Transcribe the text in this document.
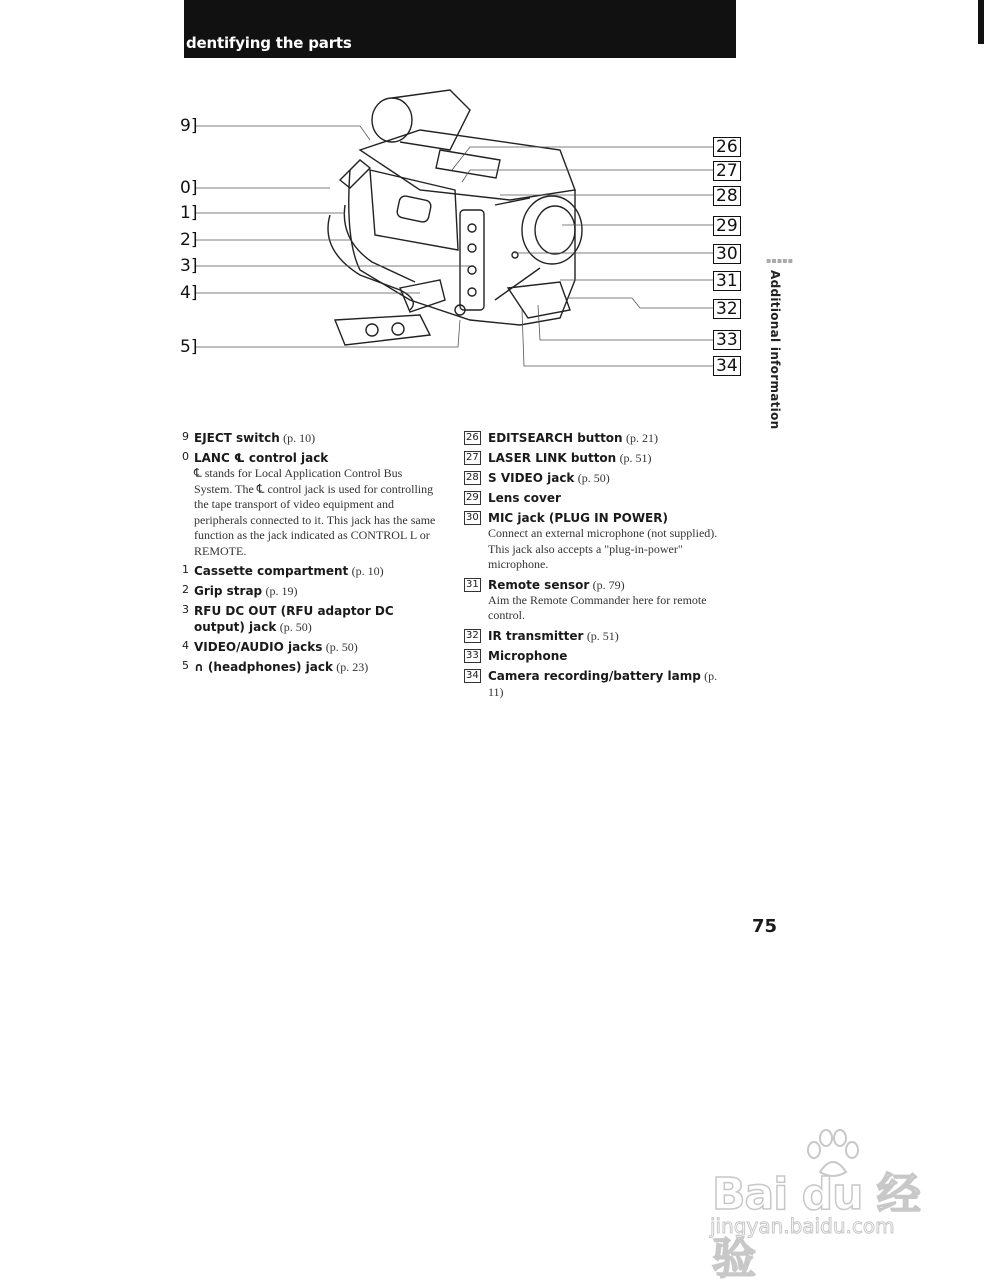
dentifying the parts
▪▪▪▪▪
Additional information
9]
0]
1]
2]
3]
4]
5]
26
27
28
29
30
31
32
33
34
9 EJECT switch (p. 10)
0 LANC ℄ control jack
℄ stands for Local Application Control Bus System. The ℄ control jack is used for controlling the tape transport of video equipment and peripherals connected to it. This jack has the same function as the jack indicated as CONTROL L or REMOTE.
1 Cassette compartment (p. 10)
2 Grip strap (p. 19)
3 RFU DC OUT (RFU adaptor DC output) jack (p. 50)
4 VIDEO/AUDIO jacks (p. 50)
5 ∩ (headphones) jack (p. 23)
26 EDITSEARCH button (p. 21)
27 LASER LINK button (p. 51)
28 S VIDEO jack (p. 50)
29 Lens cover
30 MIC jack (PLUG IN POWER)
Connect an external microphone (not supplied). This jack also accepts a "plug-in-power" microphone.
31 Remote sensor (p. 79)
Aim the Remote Commander here for remote control.
32 IR transmitter (p. 51)
33 Microphone
34 Camera recording/battery lamp (p. 11)
75
Bai du 经验
jingyan.baidu.com
